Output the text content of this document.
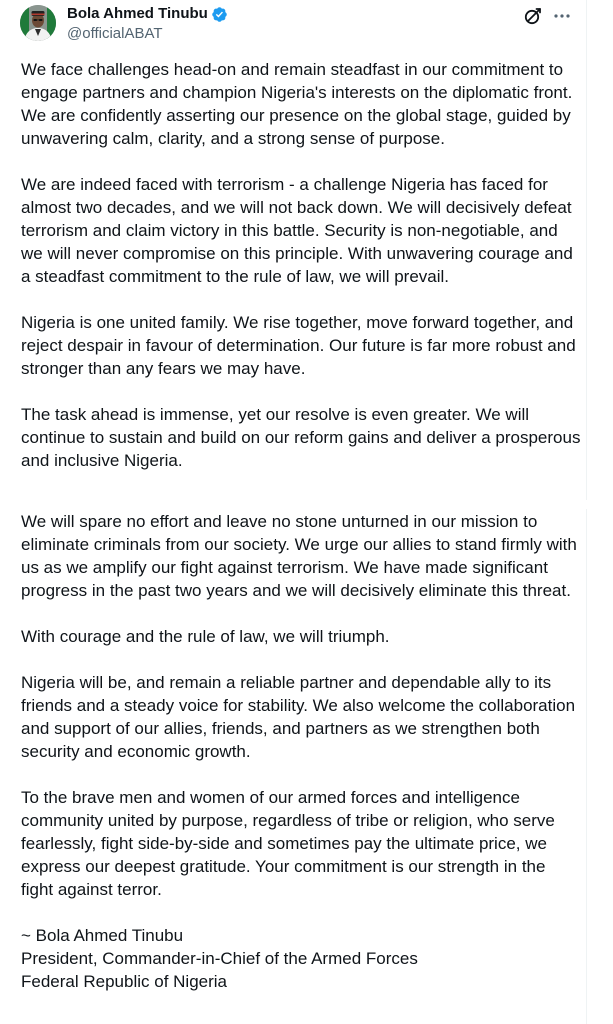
Bola Ahmed Tinubu
@officialABAT

We face challenges head-on and remain steadfast in our commitment to engage partners and champion Nigeria's interests on the diplomatic front. We are confidently asserting our presence on the global stage, guided by unwavering calm, clarity, and a strong sense of purpose.

We are indeed faced with terrorism - a challenge Nigeria has faced for almost two decades, and we will not back down. We will decisively defeat terrorism and claim victory in this battle. Security is non-negotiable, and we will never compromise on this principle. With unwavering courage and a steadfast commitment to the rule of law, we will prevail.

Nigeria is one united family. We rise together, move forward together, and reject despair in favour of determination. Our future is far more robust and stronger than any fears we may have.

The task ahead is immense, yet our resolve is even greater. We will continue to sustain and build on our reform gains and deliver a prosperous and inclusive Nigeria.

We will spare no effort and leave no stone unturned in our mission to eliminate criminals from our society. We urge our allies to stand firmly with us as we amplify our fight against terrorism. We have made significant progress in the past two years and we will decisively eliminate this threat.

With courage and the rule of law, we will triumph.

Nigeria will be, and remain a reliable partner and dependable ally to its friends and a steady voice for stability. We also welcome the collaboration and support of our allies, friends, and partners as we strengthen both security and economic growth.

To the brave men and women of our armed forces and intelligence community united by purpose, regardless of tribe or religion, who serve fearlessly, fight side-by-side and sometimes pay the ultimate price, we express our deepest gratitude. Your commitment is our strength in the fight against terror.

~ Bola Ahmed Tinubu

President, Commander-in-Chief of the Armed Forces

Federal Republic of Nigeria
